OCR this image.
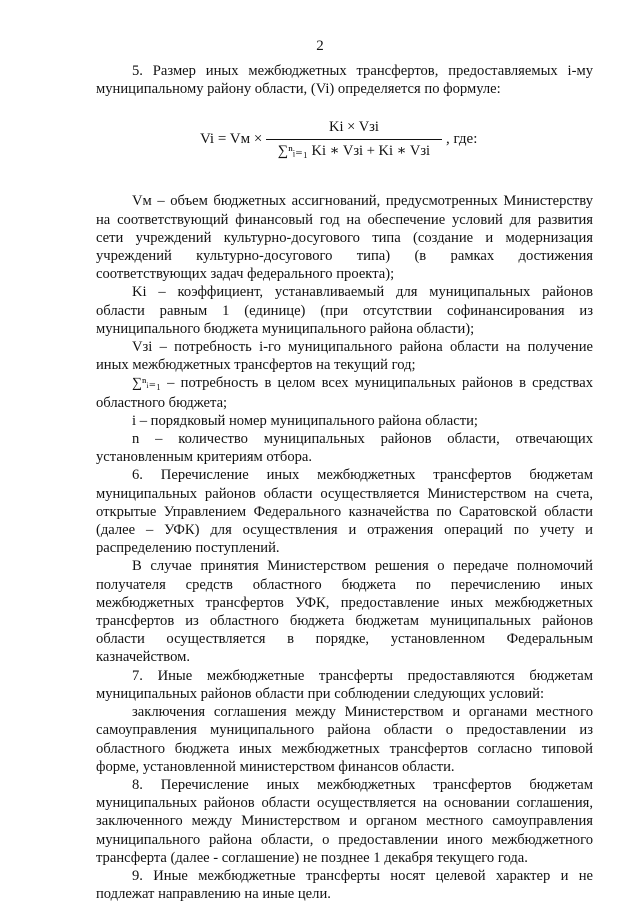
2

5. Размер иных межбюджетных трансфертов, предоставляемых i-му муниципальному району области, (Vi) определяется по формуле:

Vi = Vм ×
Ki × Vзi
∑ⁿᵢ₌₁ Ki ∗ Vзi + Ki ∗ Vзi
, где:

Vм – объем бюджетных ассигнований, предусмотренных Министерству на соответствующий финансовый год на обеспечение условий для развития сети учреждений культурно-досугового типа (создание и модернизация учреждений культурно-досугового типа) (в рамках достижения соответствующих задач федерального проекта);

Ki – коэффициент, устанавливаемый для муниципальных районов области равным 1 (единице) (при отсутствии софинансирования из муниципального бюджета муниципального района области);

Vзi – потребность i-го муниципального района области на получение иных межбюджетных трансфертов на текущий год;

∑ⁿᵢ₌₁ – потребность в целом всех муниципальных районов в средствах областного бюджета;

i – порядковый номер муниципального района области;

n – количество муниципальных районов области, отвечающих установленным критериям отбора.

6. Перечисление иных межбюджетных трансфертов бюджетам муниципальных районов области осуществляется Министерством на счета, открытые Управлением Федерального казначейства по Саратовской области (далее – УФК) для осуществления и отражения операций по учету и распределению поступлений.

В случае принятия Министерством решения о передаче полномочий получателя средств областного бюджета по перечислению иных межбюджетных трансфертов УФК, предоставление иных межбюджетных трансфертов из областного бюджета бюджетам муниципальных районов области осуществляется в порядке, установленном Федеральным казначейством.

7. Иные межбюджетные трансферты предоставляются бюджетам муниципальных районов области при соблюдении следующих условий:

заключения соглашения между Министерством и органами местного самоуправления муниципального района области о предоставлении из областного бюджета иных межбюджетных трансфертов согласно типовой форме, установленной министерством финансов области.

8. Перечисление иных межбюджетных трансфертов бюджетам муниципальных районов области осуществляется на основании соглашения, заключенного между Министерством и органом местного самоуправления муниципального района области, о предоставлении иного межбюджетного трансферта (далее - соглашение) не позднее 1 декабря текущего года.

9. Иные межбюджетные трансферты носят целевой характер и не подлежат направлению на иные цели.
